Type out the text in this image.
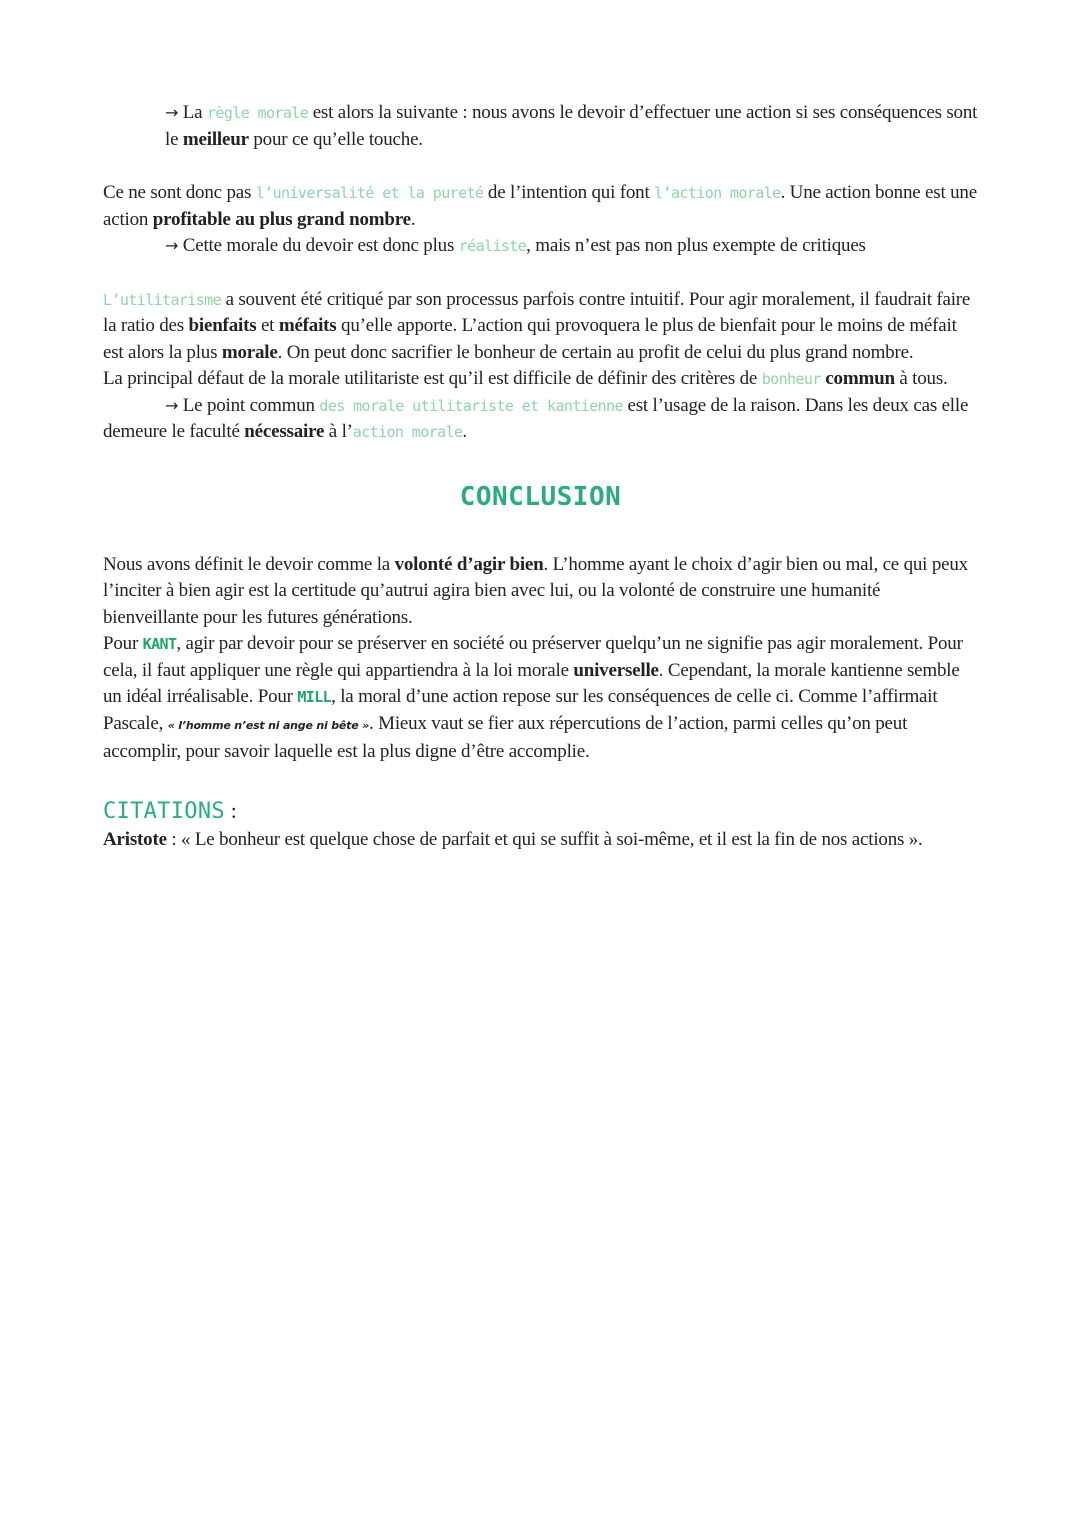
→ La règle morale est alors la suivante : nous avons le devoir d’effectuer une action si ses conséquences sont le meilleur pour ce qu’elle touche.

Ce ne sont donc pas l’universalité et la pureté de l’intention qui font l’action morale. Une action bonne est une action profitable au plus grand nombre.

→ Cette morale du devoir est donc plus réaliste, mais n’est pas non plus exempte de critiques

L’utilitarisme a souvent été critiqué par son processus parfois contre intuitif. Pour agir moralement, il faudrait faire la ratio des bienfaits et méfaits qu’elle apporte. L’action qui provoquera le plus de bienfait pour le moins de méfait est alors la plus morale. On peut donc sacrifier le bonheur de certain au profit de celui du plus grand nombre.

La principal défaut de la morale utilitariste est qu’il est difficile de définir des critères de bonheur commun à tous.

→ Le point commun des morale utilitariste et kantienne est l’usage de la raison. Dans les deux cas elle demeure le faculté nécessaire à l’action morale.

CONCLUSION

Nous avons définit le devoir comme la volonté d’agir bien. L’homme ayant le choix d’agir bien ou mal, ce qui peux l’inciter à bien agir est la certitude qu’autrui agira bien avec lui, ou la volonté de construire une humanité bienveillante pour les futures générations.

Pour KANT, agir par devoir pour se préserver en société ou préserver quelqu’un ne signifie pas agir moralement. Pour cela, il faut appliquer une règle qui appartiendra à la loi morale universelle. Cependant, la morale kantienne semble un idéal irréalisable. Pour MILL, la moral d’une action repose sur les conséquences de celle ci. Comme l’affirmait Pascale, « l’homme n’est ni ange ni bête ». Mieux vaut se fier aux répercutions de l’action, parmi celles qu’on peut accomplir, pour savoir laquelle est la plus digne d’être accomplie.

CITATIONS :

Aristote : « Le bonheur est quelque chose de parfait et qui se suffit à soi-même, et il est la fin de nos actions ».
